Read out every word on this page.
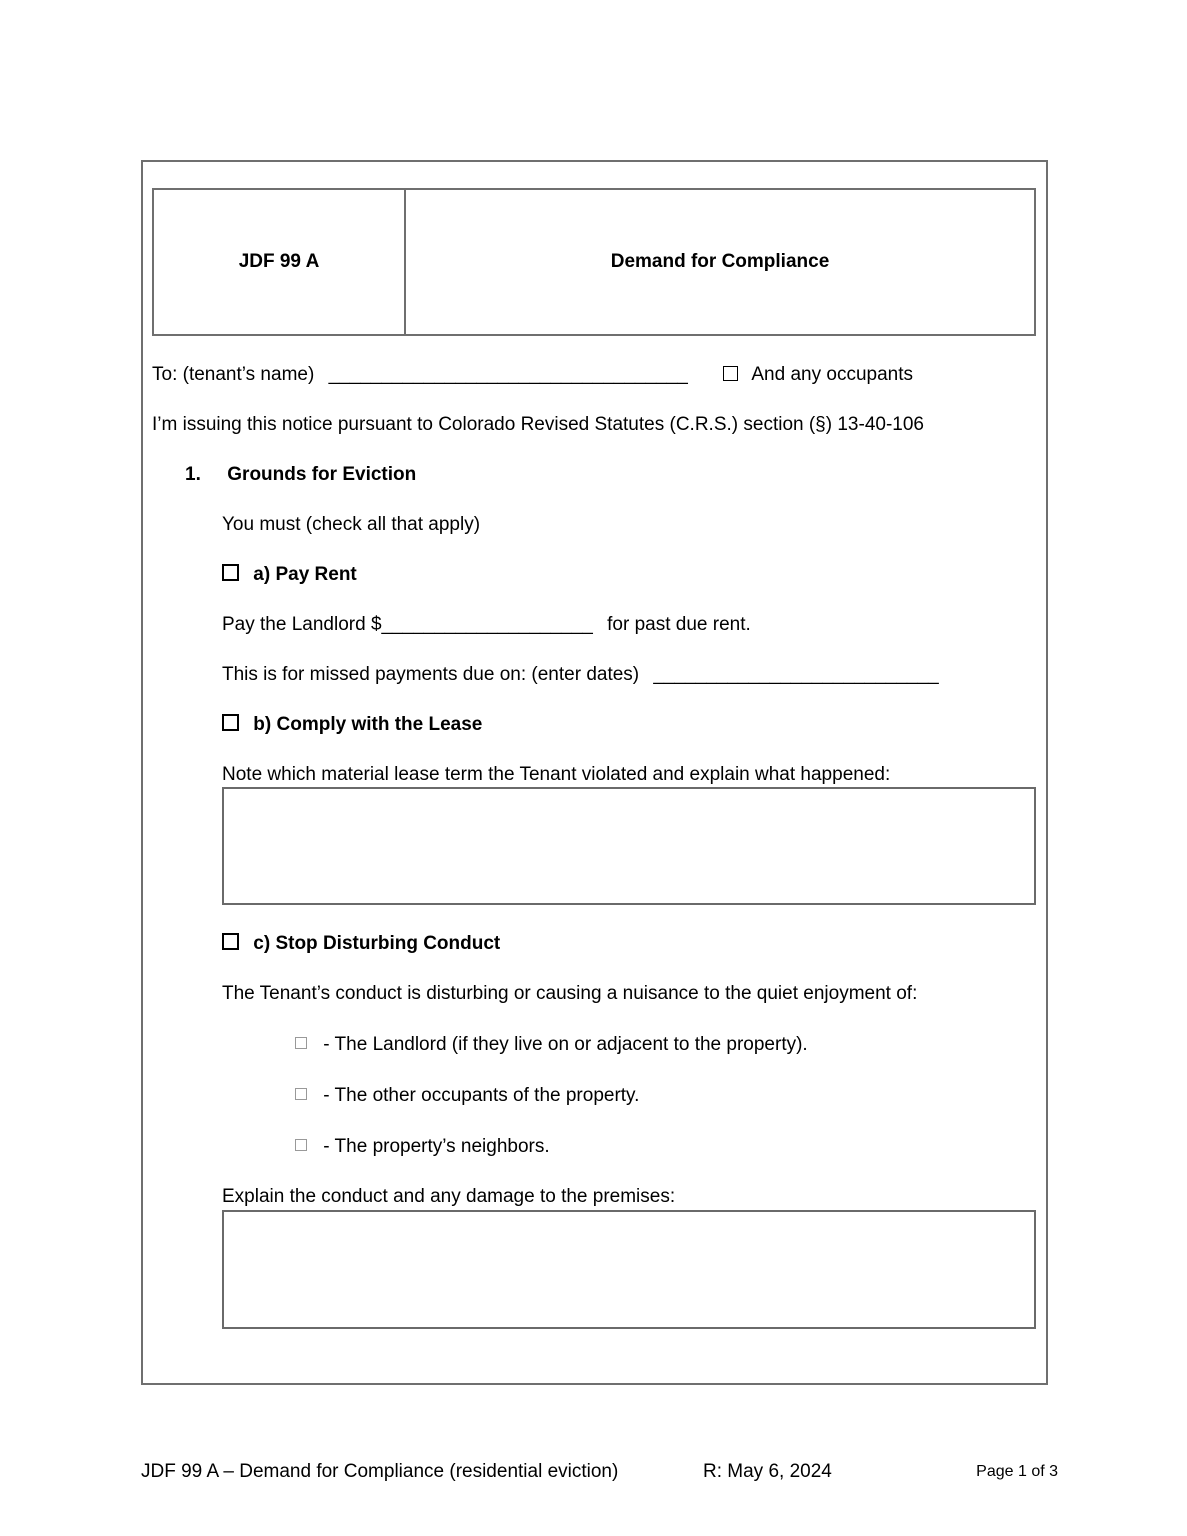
JDF 99 A	Demand for Compliance
To: (tenant’s name) __________________________________	And any occupants
I’m issuing this notice pursuant to Colorado Revised Statutes (C.R.S.) section (§) 13-40-106
1. Grounds for Eviction
You must (check all that apply)
a) Pay Rent
Pay the Landlord $____________________ for past due rent.
This is for missed payments due on: (enter dates) ___________________________
b) Comply with the Lease
Note which material lease term the Tenant violated and explain what happened:
c) Stop Disturbing Conduct
The Tenant’s conduct is disturbing or causing a nuisance to the quiet enjoyment of:
- The Landlord (if they live on or adjacent to the property).
- The other occupants of the property.
- The property’s neighbors.
Explain the conduct and any damage to the premises:
JDF 99 A – Demand for Compliance (residential eviction)	R: May 6, 2024	Page 1 of 3
